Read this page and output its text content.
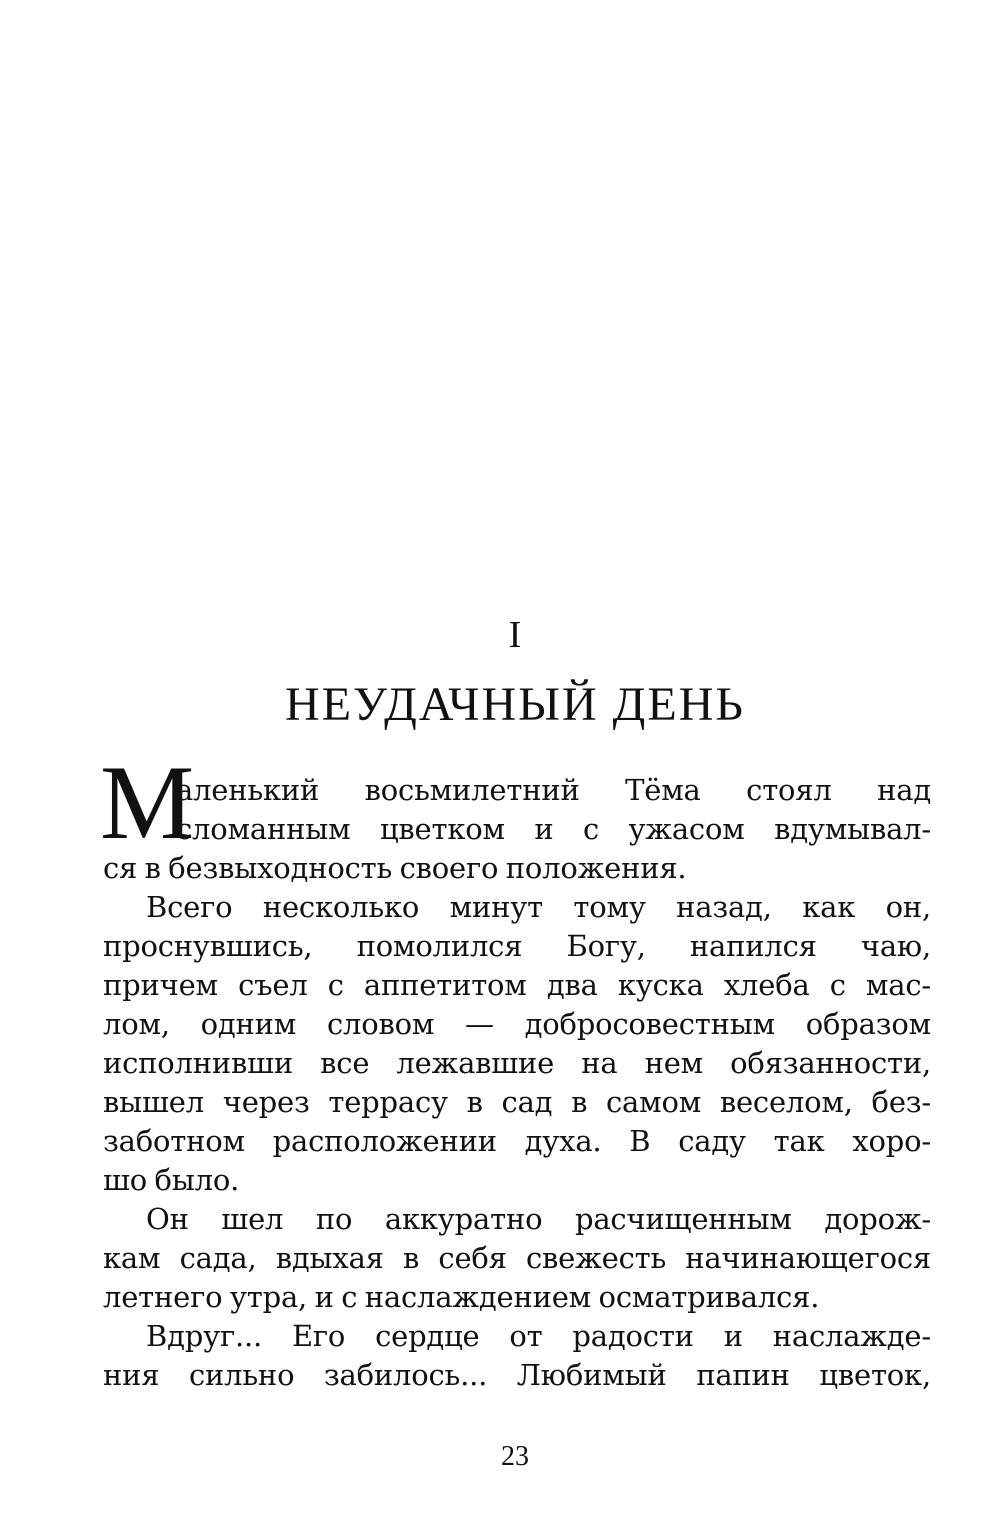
I
НЕУДАЧНЫЙ ДЕНЬ
М
аленький восьмилетний Тёма стоял над
сломанным цветком и с ужасом вдумывал-
ся в безвыходность своего положения.
Всего несколько минут тому назад, как он,
проснувшись, помолился Богу, напился чаю,
причем съел с аппетитом два куска хлеба с мас-
лом, одним словом — добросовестным образом
исполнивши все лежавшие на нем обязанности,
вышел через террасу в сад в самом веселом, без-
заботном расположении духа. В саду так хоро-
шо было.
Он шел по аккуратно расчищенным дорож-
кам сада, вдыхая в себя свежесть начинающегося
летнего утра, и с наслаждением осматривался.
Вдруг... Его сердце от радости и наслажде-
ния сильно забилось... Любимый папин цветок,
23
